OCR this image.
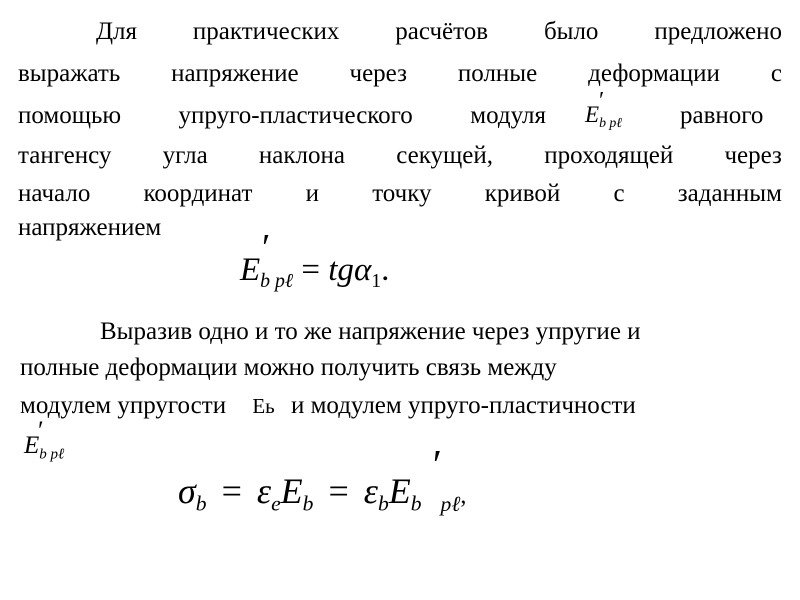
Для практических расчётов было предложено
выражать напряжение через полные деформации с
помощью упруго-пластического модуля $E_{b p\ell}$
′
равного
тангенсу угла наклона секущей, проходящей через
начало координат и точку кривой с заданным
напряжением
$E_{b p\ell}$
′
= tgα$_1$.
Выразив одно и то же напряжение через упругие и
полные деформации можно получить связь между
модулем упругости Eь и модулем упруго-пластичности
$E_{b p\ell}$
′
$\sigma_b = \varepsilon_eE_b = \varepsilon_bE$
′
$_b$ $_{p\ell}$,
